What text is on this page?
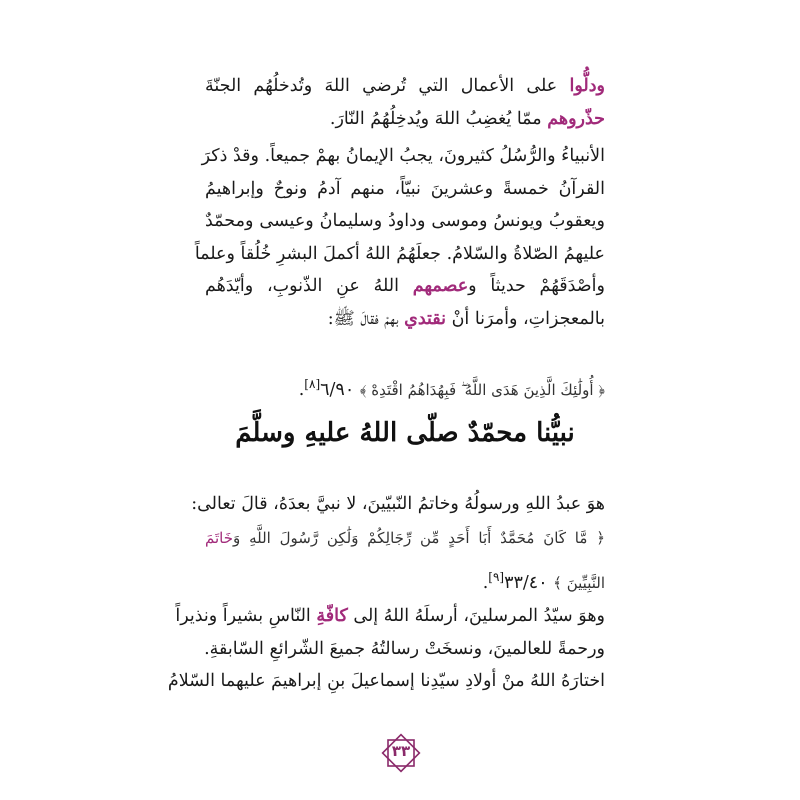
ودلُّوا على الأعمال التي تُرضي اللهَ وتُدخلُهُم الجنّةَ
حذّروهم ممّا يُغضِبُ اللهَ ويُدخِلُهُمُ النّارَ.
الأنبياءُ والرُّسُلُ كثيرونَ، يجبُ الإيمانُ بهمْ جميعاً. وقدْ ذكرَ
القرآنُ خمسةً وعشرينَ نبيّاً، منهم آدمُ ونوحٌ وإبراهيمُ
ويعقوبُ ويونسُ وموسى وداودُ وسليمانُ وعيسى ومحمّدٌ
عليهمُ الصّلاةُ والسّلامُ. جعلَهُمُ اللهُ أكملَ البشرِ خُلُقاً وعلماً
وأصْدَقَهُمْ حديثاً وعصمهم اللهُ عنِ الذّنوبِ، وأيّدَهُم
بالمعجزاتِ، وأمرَنا أنْ نقتدي بهمْ فقالَ ﷺ:
﴿ أُولَٰئِكَ الَّذِينَ هَدَى اللَّهُ ۖ فَبِهُدَاهُمُ اقْتَدِهْ ﴾ ٦/٩٠[٨].
نبيُّنا محمّدٌ صلّى اللهُ عليهِ وسلَّمَ
هوَ عبدُ اللهِ ورسولُهُ وخاتمُ النّبيّينَ، لا نبيَّ بعدَهُ، قالَ تعالى:
﴿ مَّا كَانَ مُحَمَّدٌ أَبَا أَحَدٍ مِّن رِّجَالِكُمْ وَلَٰكِن رَّسُولَ اللَّهِ وَخَاتَمَ
النَّبِيِّينَ ﴾ ٣٣/٤٠[٩].
وهوَ سيّدُ المرسلينَ، أرسلَهُ اللهُ إلى كافّةِ النّاسِ بشيراً ونذيراً
ورحمةً للعالمينَ، ونسخَتْ رسالتُهُ جميعَ الشّرائعِ السّابقةِ.
اختارَهُ اللهُ منْ أولادِ سيّدِنا إسماعيلَ بنِ إبراهيمَ عليهما السّلامُ
٣٣
